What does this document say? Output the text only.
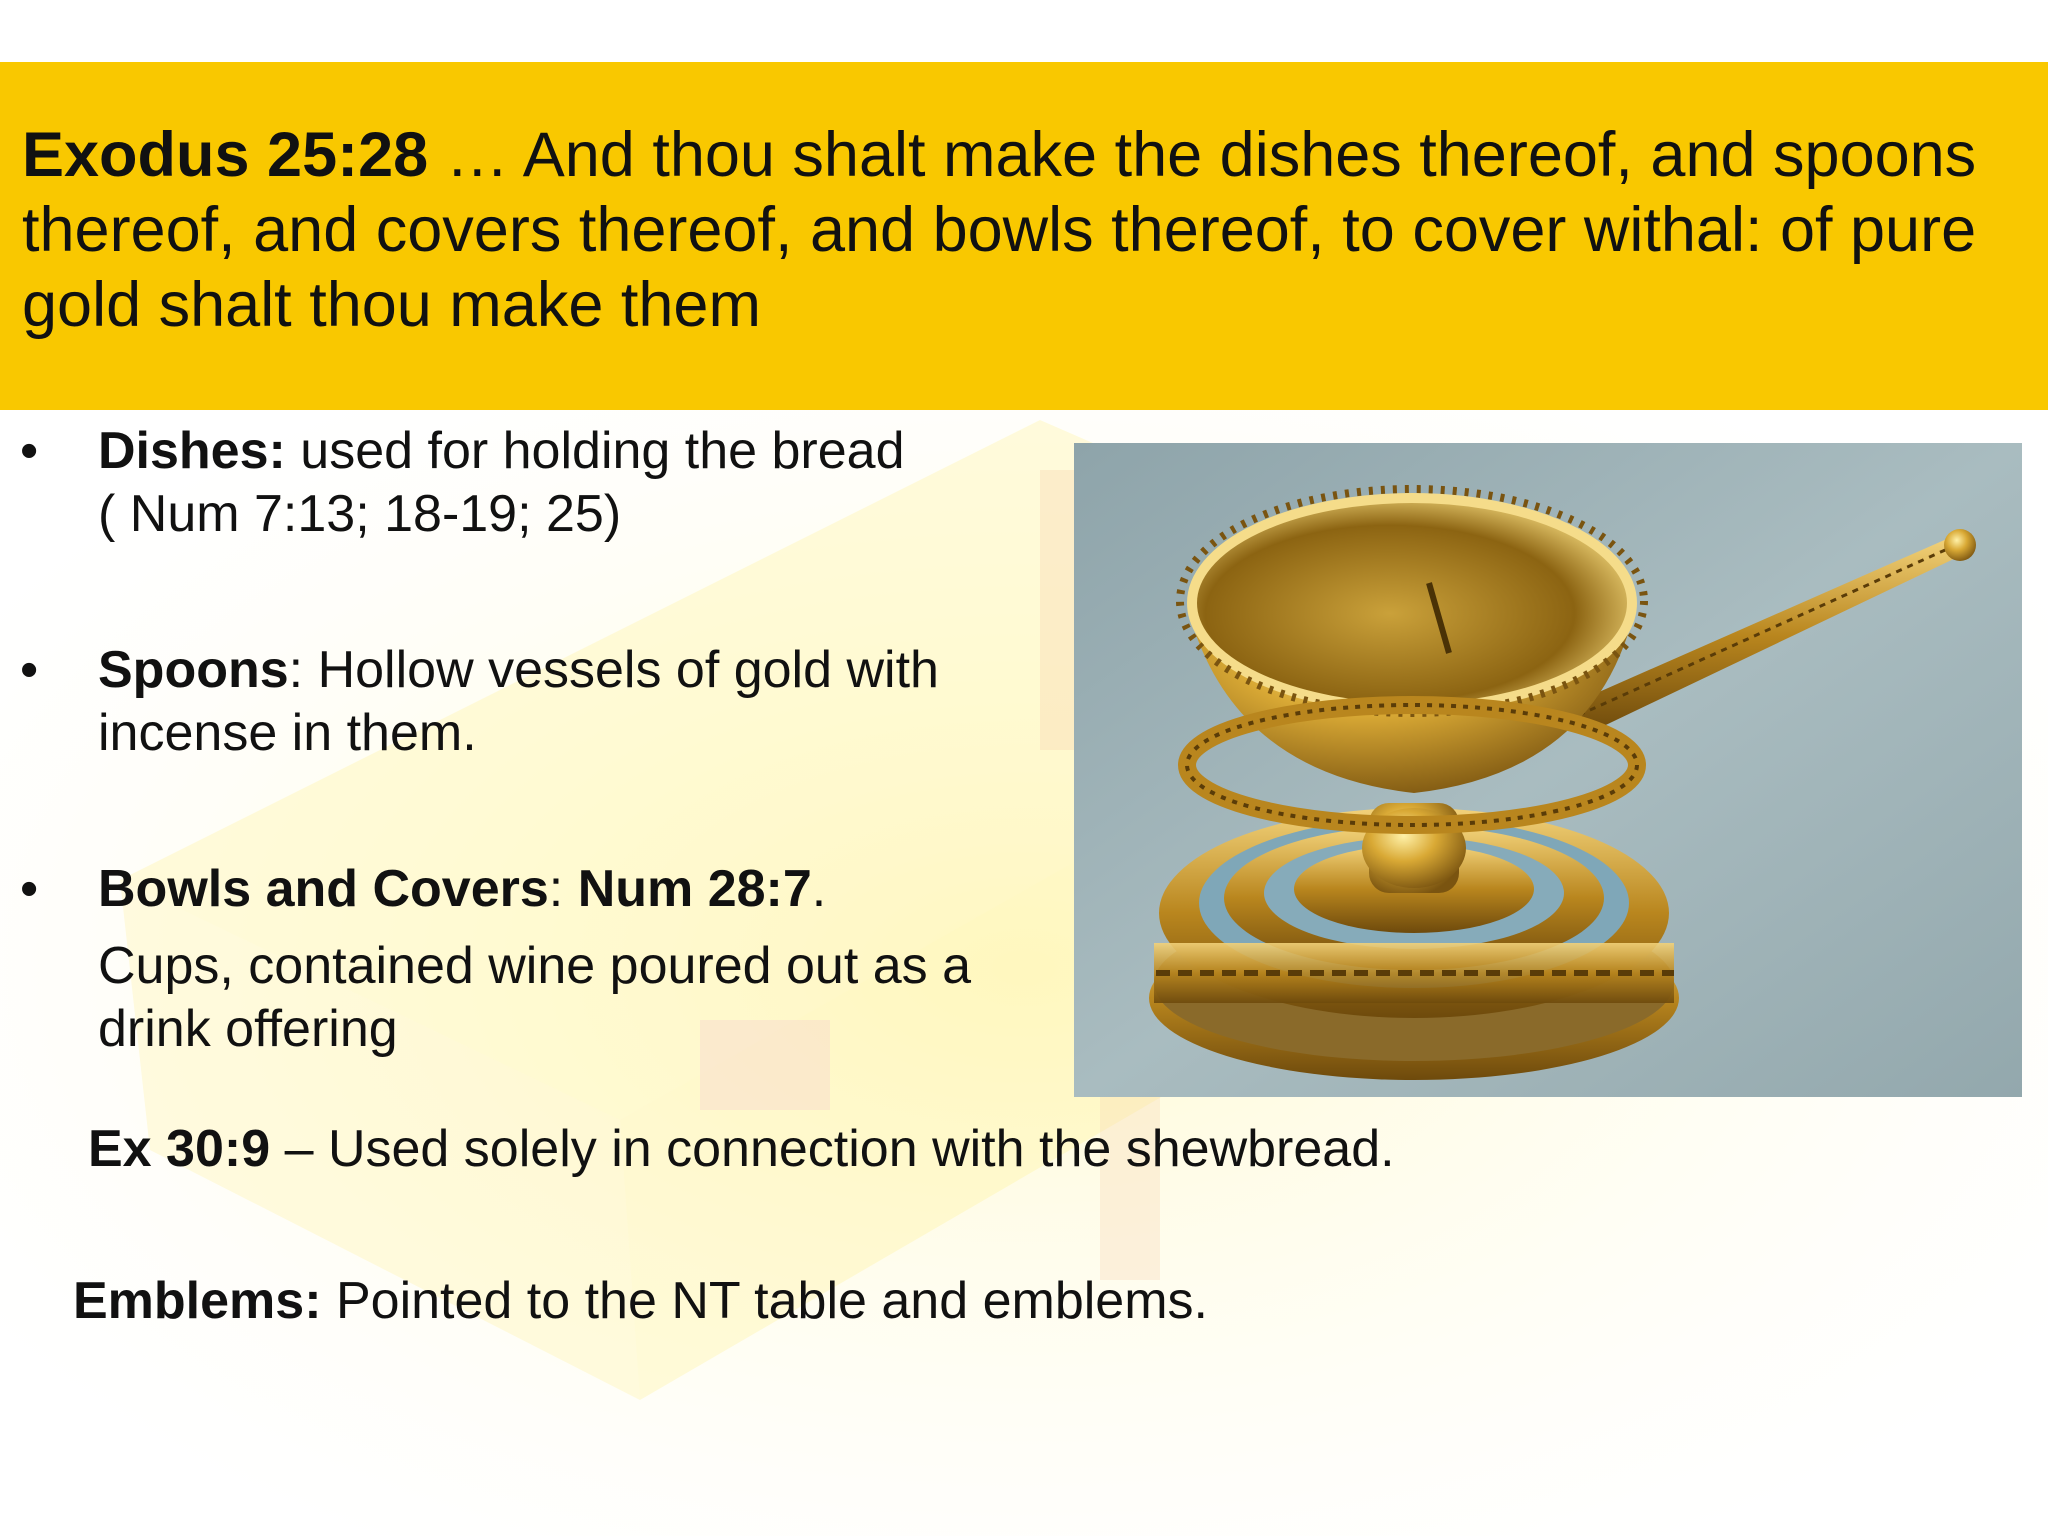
Exodus 25:28 … And thou shalt make the dishes thereof, and spoons thereof, and covers thereof, and bowls thereof, to cover withal: of pure gold shalt thou make them
•	Dishes: used for holding the bread
( Num 7:13; 18-19; 25)
•	Spoons: Hollow vessels of gold with
incense in them.
•	Bowls and Covers: Num 28:7.
Cups, contained wine poured out as a
drink offering
Ex 30:9 – Used solely in connection with the shewbread.
Emblems: Pointed to the NT table and emblems.
